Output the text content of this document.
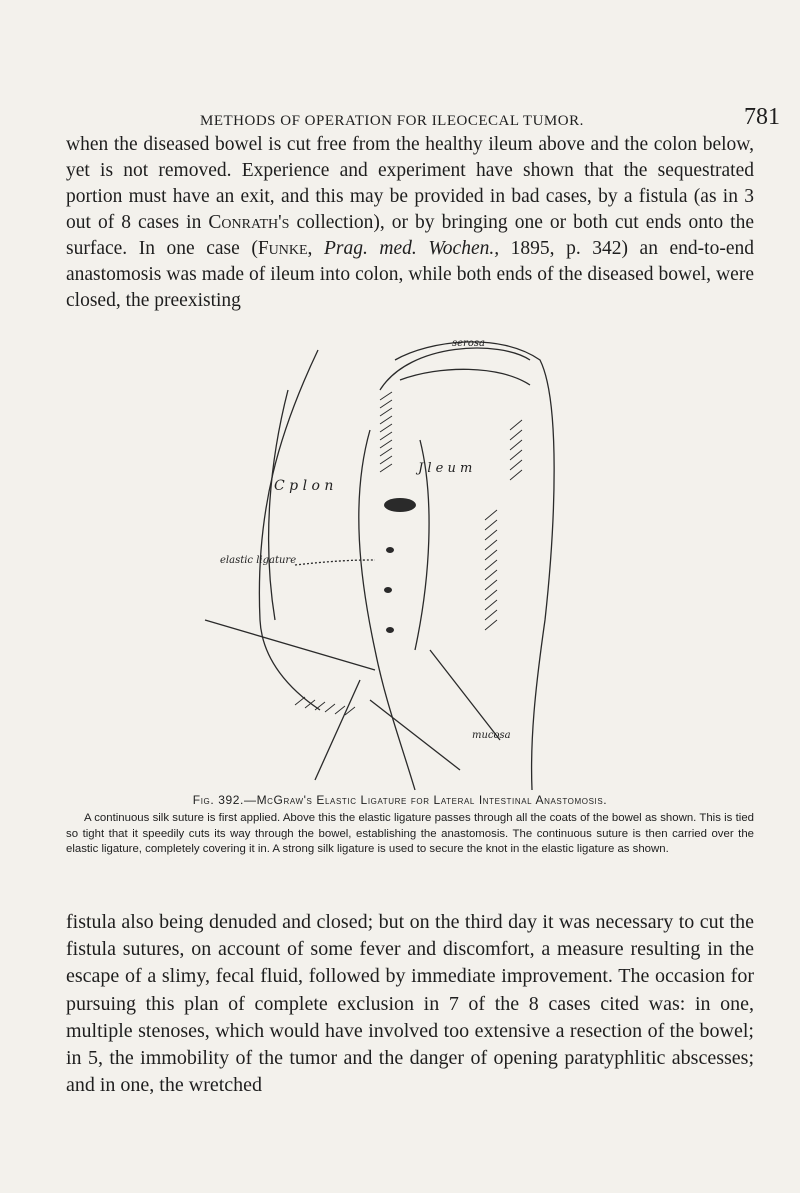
METHODS OF OPERATION FOR ILEOCECAL TUMOR.	781

when the diseased bowel is cut free from the healthy ileum above and the colon below, yet is not removed. Experience and experiment have shown that the sequestrated portion must have an exit, and this may be provided in bad cases, by a fistula (as in 3 out of 8 cases in Conrath's collection), or by bringing one or both cut ends onto the surface. In one case (Funke, Prag. med. Wochen., 1895, p. 342) an end-to-end anastomosis was made of ileum into colon, while both ends of the diseased bowel, were closed, the preexisting

serosa
C p l o n
J l e u m
elastic ligature
mucosa
Fig. 392.—McGraw's Elastic Ligature for Lateral Intestinal Anastomosis.

A continuous silk suture is first applied. Above this the elastic ligature passes through all the coats of the bowel as shown. This is tied so tight that it speedily cuts its way through the bowel, establishing the anastomosis. The continuous suture is then carried over the elastic ligature, completely covering it in. A strong silk ligature is used to secure the knot in the elastic ligature as shown.

fistula also being denuded and closed; but on the third day it was necessary to cut the fistula sutures, on account of some fever and discomfort, a measure resulting in the escape of a slimy, fecal fluid, followed by immediate improvement. The occasion for pursuing this plan of complete exclusion in 7 of the 8 cases cited was: in one, multiple stenoses, which would have involved too extensive a resection of the bowel; in 5, the immobility of the tumor and the danger of opening paratyphlitic abscesses; and in one, the wretched
